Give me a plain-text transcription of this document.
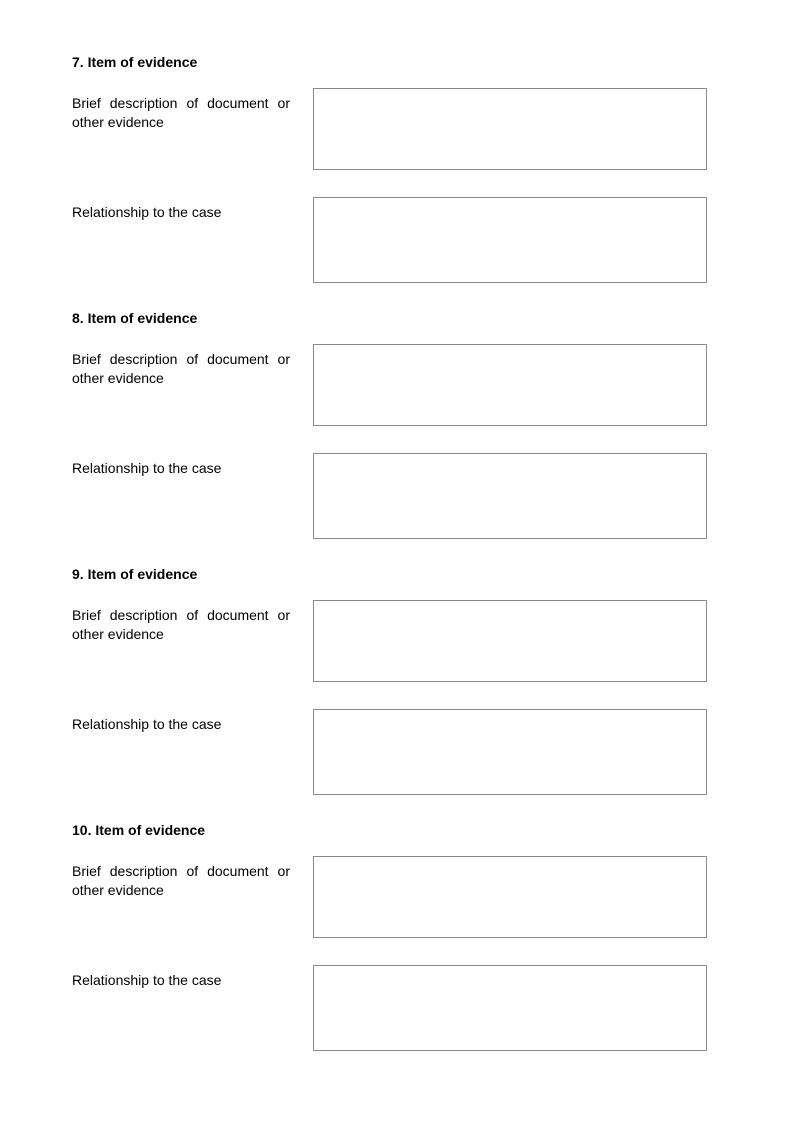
7. Item of evidence
Brief description of document or other evidence
Relationship to the case
8. Item of evidence
Brief description of document or other evidence
Relationship to the case
9. Item of evidence
Brief description of document or other evidence
Relationship to the case
10. Item of evidence
Brief description of document or other evidence
Relationship to the case
